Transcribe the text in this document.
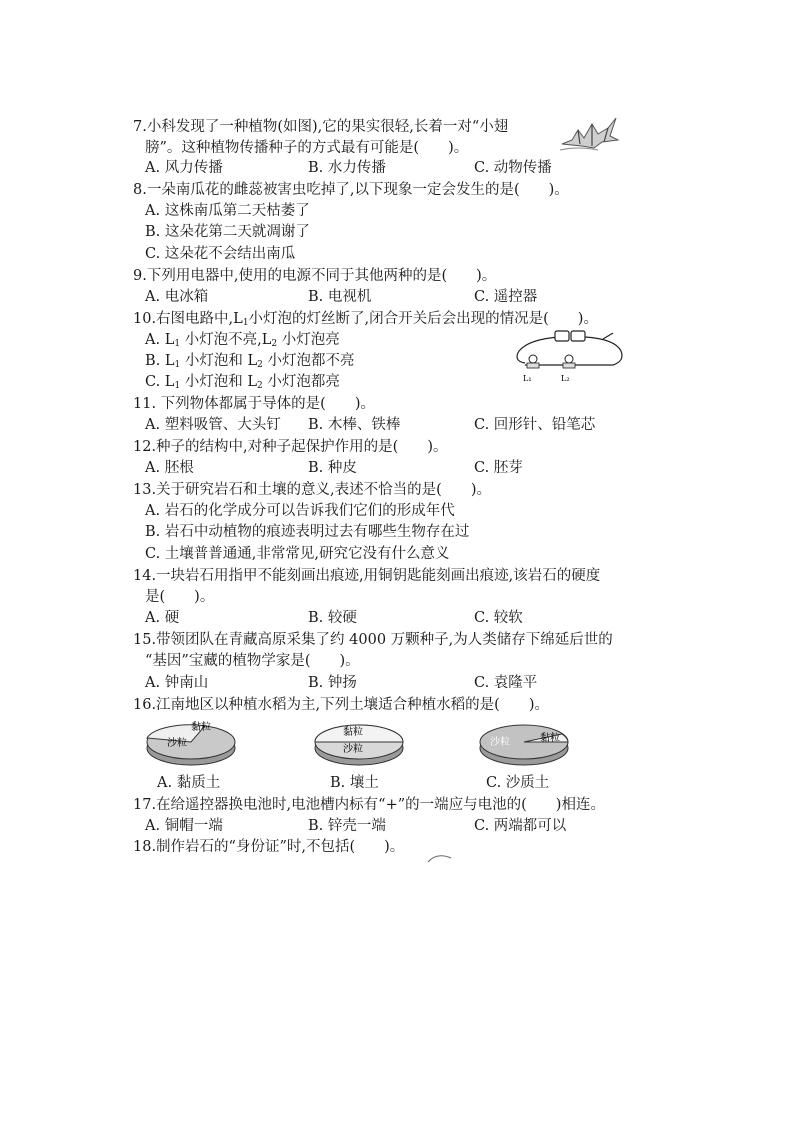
7.小科发现了一种植物(如图),它的果实很轻,长着一对“小翅
膀”。这种植物传播种子的方式最有可能是(　　)。
A. 风力传播	B. 水力传播	C. 动物传播
8.一朵南瓜花的雌蕊被害虫吃掉了,以下现象一定会发生的是(　　)。
A. 这株南瓜第二天枯萎了
B. 这朵花第二天就凋谢了
C. 这朵花不会结出南瓜
9.下列用电器中,使用的电源不同于其他两种的是(　　)。
A. 电冰箱	B. 电视机	C. 遥控器
10.右图电路中$,L_1$小灯泡的灯丝断了,闭合开关后会出现的情况是(　　)。
A. $L_1$ 小灯泡不亮$,L_2$ 小灯泡亮
B. $L_1$ 小灯泡和 $L_2$ 小灯泡都不亮
C. $L_1$ 小灯泡和 $L_2$ 小灯泡都亮	L₁	L₂
11. 下列物体都属于导体的是(　　)。
A. 塑料吸管、大头钉 B. 木棒、铁棒	C. 回形针、铅笔芯
12.种子的结构中,对种子起保护作用的是(　　)。
A. 胚根	B. 种皮	C. 胚芽
13.关于研究岩石和土壤的意义,表述不恰当的是(　　)。
A. 岩石的化学成分可以告诉我们它们的形成年代
B. 岩石中动植物的痕迹表明过去有哪些生物存在过
C. 土壤普普通通,非常常见,研究它没有什么意义
14.一块岩石用指甲不能刻画出痕迹,用铜钥匙能刻画出痕迹,该岩石的硬度
是(　　)。
A. 硬	B. 较硬	C. 较软
15.带领团队在青藏高原采集了约 4000 万颗种子,为人类储存下绵延后世的
“基因”宝藏的植物学家是(　　)。
A. 钟南山	B. 钟扬	C. 袁隆平
16.江南地区以种植水稻为主,下列土壤适合种植水稻的是(　　)。
沙粒
黏粒	黏粒
沙粒
沙粒	黏粒
A. 黏质土	B. 壤土	C. 沙质土
17.在给遥控器换电池时,电池槽内标有“+”的一端应与电池的(　　)相连。
A. 铜帽一端	B. 锌壳一端	C. 两端都可以
18.制作岩石的“身份证”时,不包括(　　)。
